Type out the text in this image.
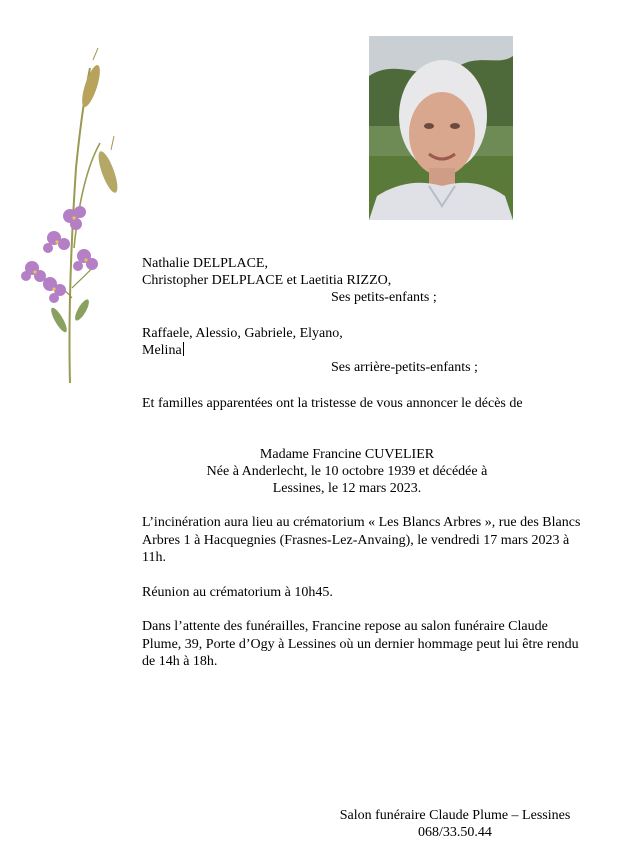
Nathalie DELPLACE,
Christopher DELPLACE et Laetitia RIZZO,
Ses petits-enfants ;
Raffaele, Alessio, Gabriele, Elyano,
Melina
Ses arrière-petits-enfants ;
Et familles apparentées ont la tristesse de vous annoncer le décès de
Madame Francine CUVELIER
Née à Anderlecht, le 10 octobre 1939 et décédée à
Lessines, le 12 mars 2023.
L’incinération aura lieu au crématorium « Les Blancs Arbres », rue des Blancs Arbres 1 à Hacquegnies (Frasnes-Lez-Anvaing), le vendredi 17 mars 2023 à 11h.
Réunion au crématorium à 10h45.
Dans l’attente des funérailles, Francine repose au salon funéraire Claude Plume, 39, Porte d’Ogy à Lessines où un dernier hommage peut lui être rendu de 14h à 18h.
Salon funéraire Claude Plume – Lessines
068/33.50.44
